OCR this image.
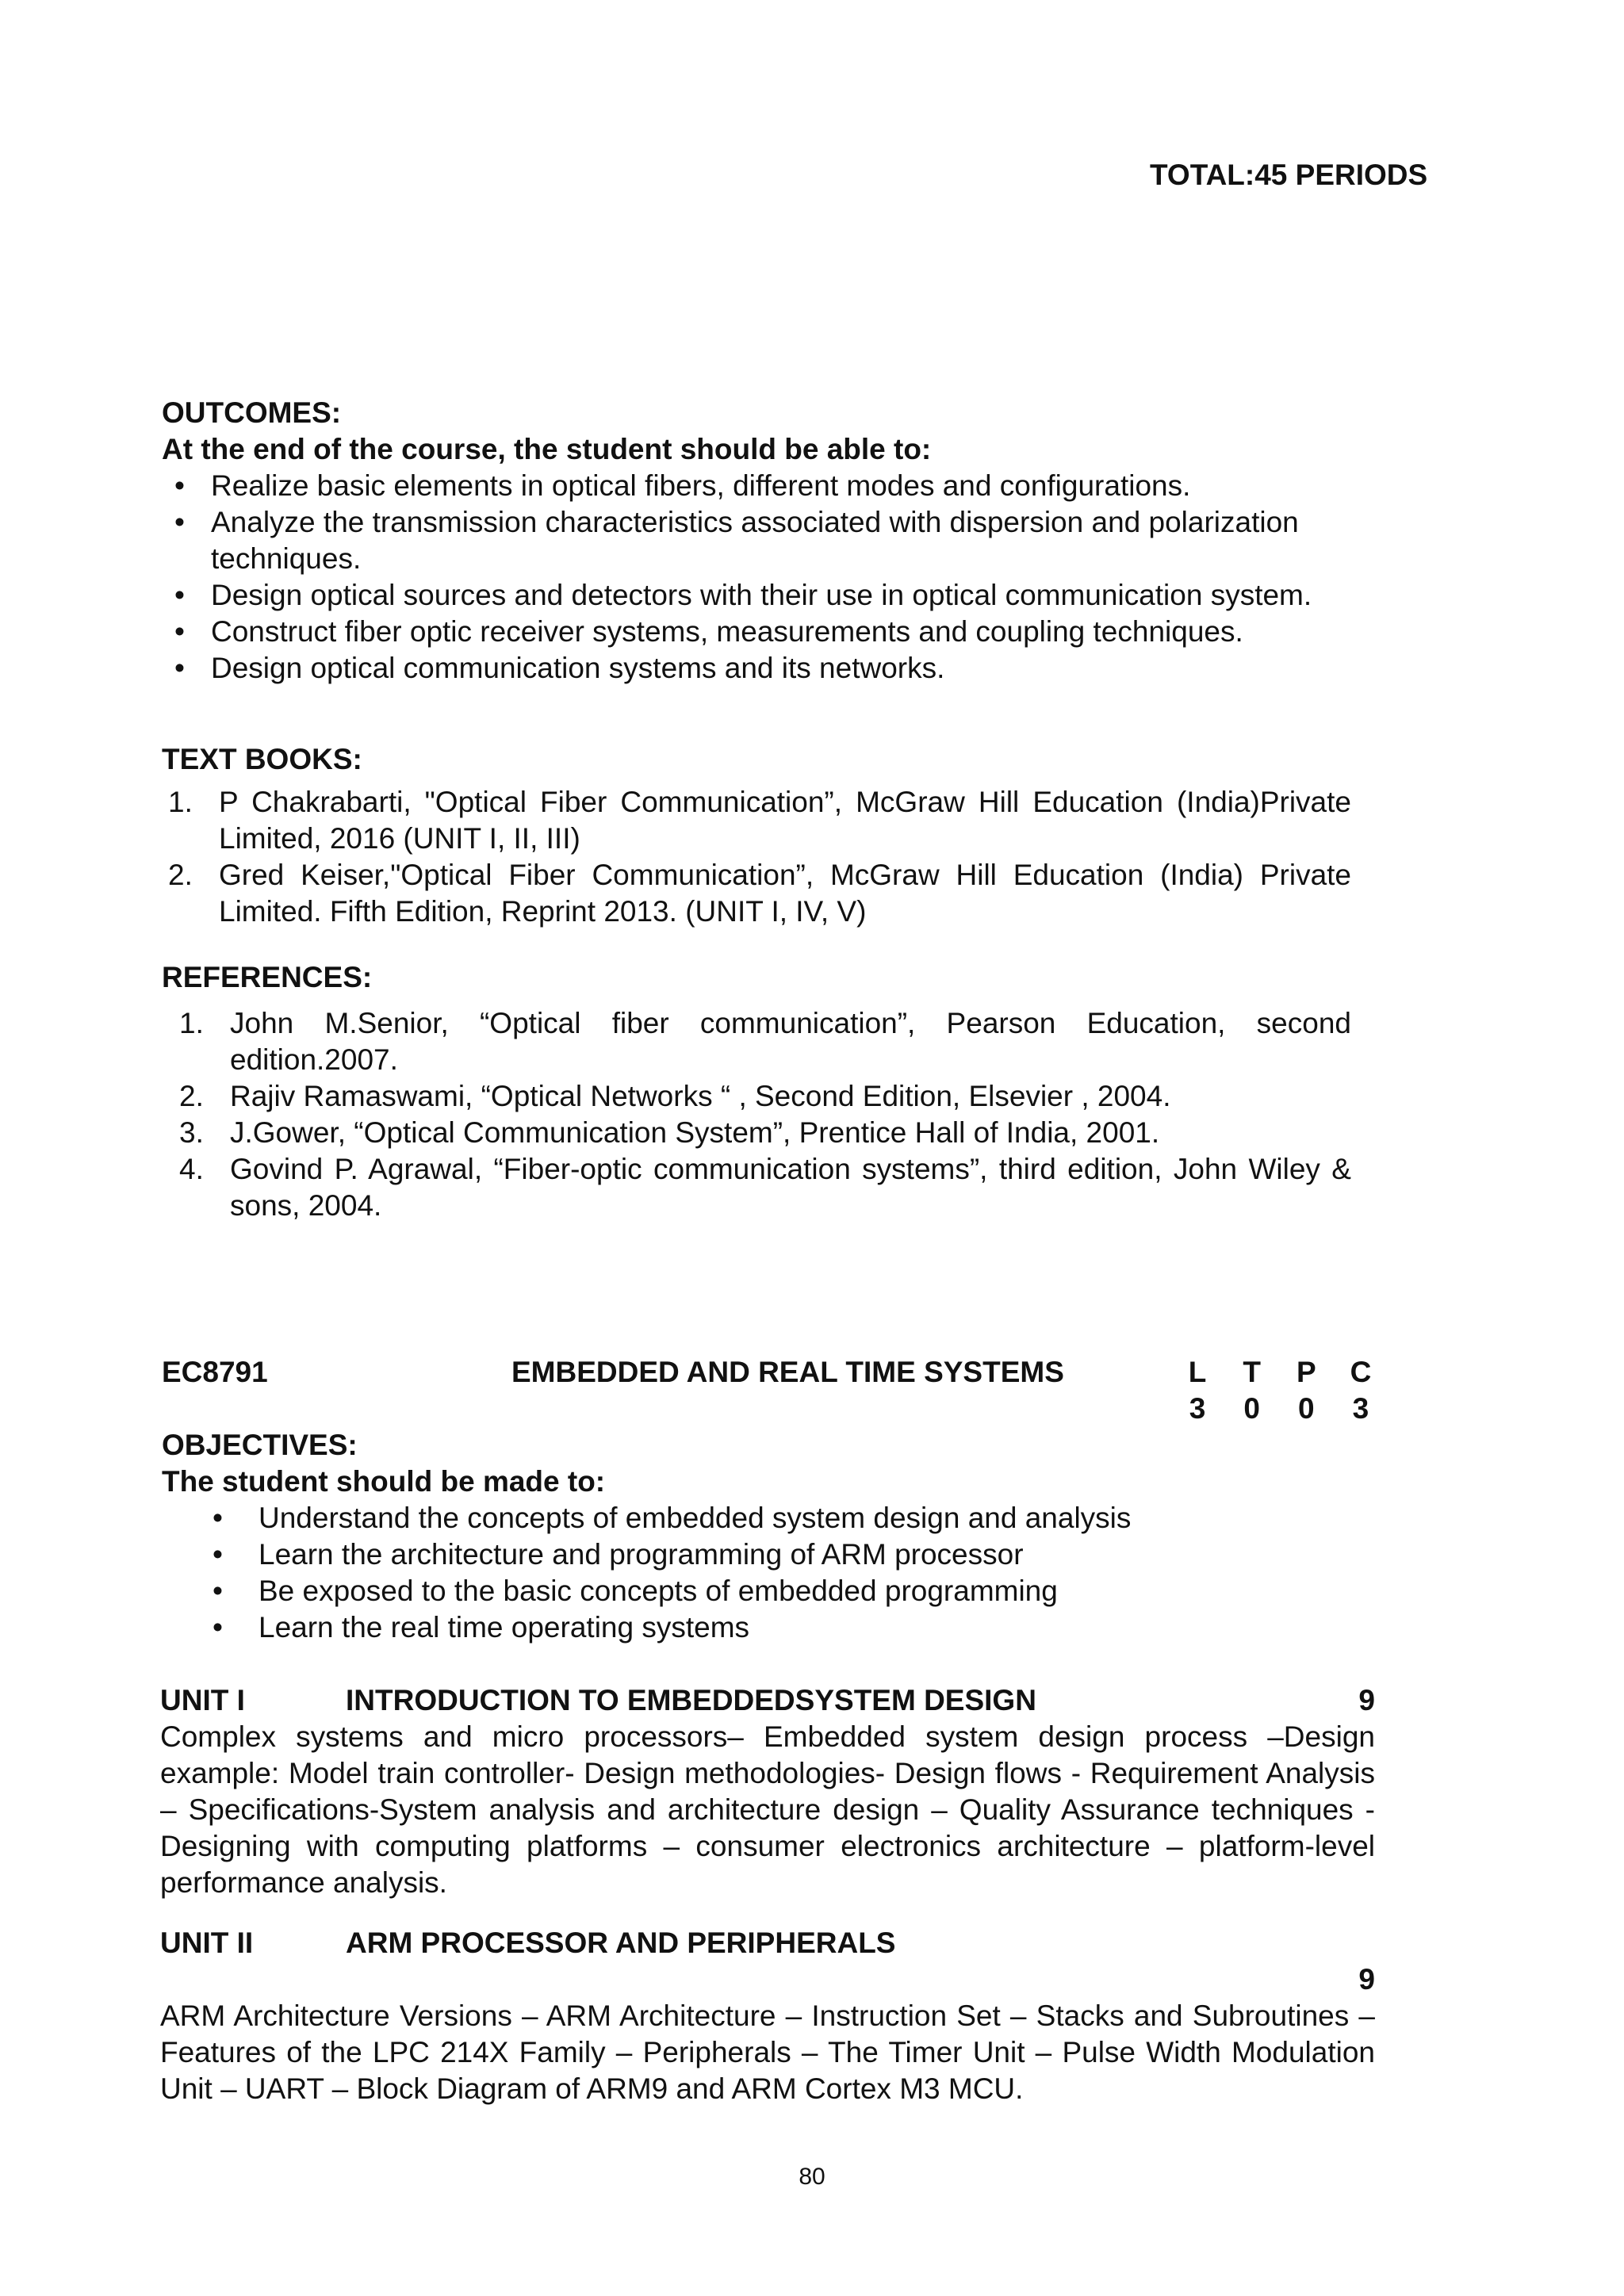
TOTAL:45 PERIODS
OUTCOMES:
At the end of the course, the student should be able to:
• Realize basic elements in optical fibers, different modes and configurations.
• Analyze the transmission characteristics associated with dispersion and polarization techniques.
• Design optical sources and detectors with their use in optical communication system.
• Construct fiber optic receiver systems, measurements and coupling techniques.
• Design optical communication systems and its networks.
TEXT BOOKS:
1. P Chakrabarti, "Optical Fiber Communication”, McGraw Hill Education (India)Private Limited, 2016 (UNIT I, II, III)
2. Gred Keiser,"Optical Fiber Communication”, McGraw Hill Education (India) Private Limited. Fifth Edition, Reprint 2013. (UNIT I, IV, V)
REFERENCES:
1. John M.Senior, “Optical fiber communication”, Pearson Education, second edition.2007.
2. Rajiv Ramaswami, “Optical Networks “ , Second Edition, Elsevier , 2004.
3. J.Gower, “Optical Communication System”, Prentice Hall of India, 2001.
4. Govind P. Agrawal, “Fiber-optic communication systems”, third edition, John Wiley & sons, 2004.
EC8791	EMBEDDED AND REAL TIME SYSTEMS	L T P C
3 0 0 3
OBJECTIVES:
The student should be made to:
• Understand the concepts of embedded system design and analysis
• Learn the architecture and programming of ARM processor
• Be exposed to the basic concepts of embedded programming
• Learn the real time operating systems
UNIT I	INTRODUCTION TO EMBEDDEDSYSTEM DESIGN	9
Complex systems and micro processors– Embedded system design process –Design example: Model train controller- Design methodologies- Design flows - Requirement Analysis – Specifications-System analysis and architecture design – Quality Assurance techniques - Designing with computing platforms – consumer electronics architecture – platform-level performance analysis.
UNIT II	ARM PROCESSOR AND PERIPHERALS
9
ARM Architecture Versions – ARM Architecture – Instruction Set – Stacks and Subroutines – Features of the LPC 214X Family – Peripherals – The Timer Unit – Pulse Width Modulation Unit – UART – Block Diagram of ARM9 and ARM Cortex M3 MCU.
80
